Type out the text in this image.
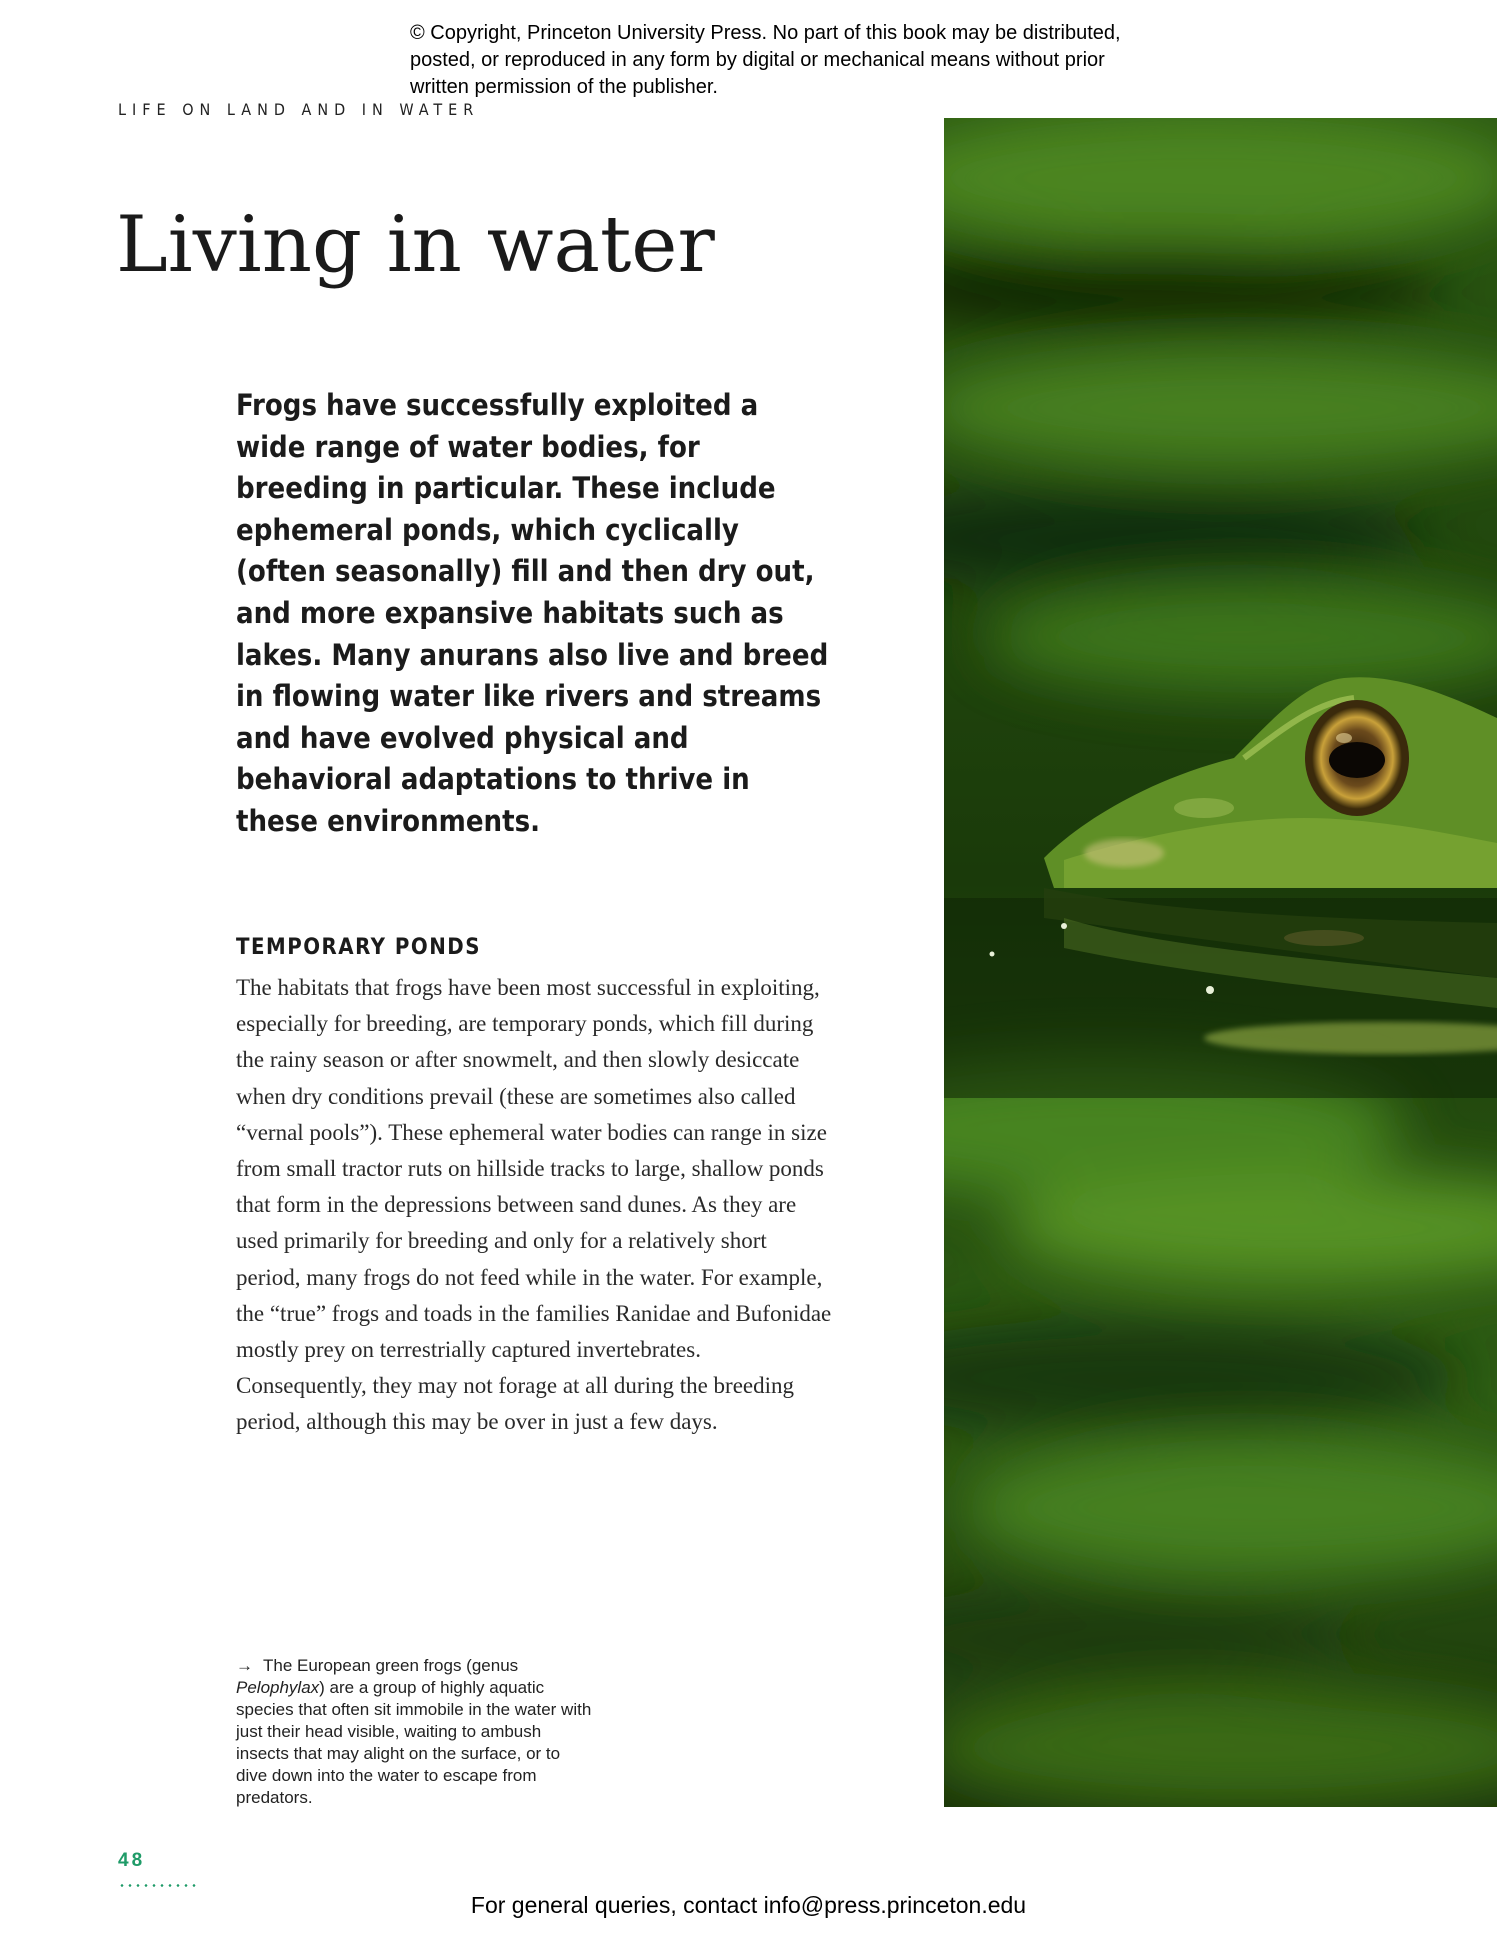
© Copyright, Princeton University Press. No part of this book may be distributed, posted, or reproduced in any form by digital or mechanical means without prior written permission of the publisher.
LIFE ON LAND AND IN WATER
Living in water

Frogs have successfully exploited a wide range of water bodies, for breeding in particular. These include ephemeral ponds, which cyclically (often seasonally) fill and then dry out, and more expansive habitats such as lakes. Many anurans also live and breed in flowing water like rivers and streams and have evolved physical and behavioral adaptations to thrive in these environments.

TEMPORARY PONDS

The habitats that frogs have been most successful in exploiting, especially for breeding, are temporary ponds, which fill during the rainy season or after snowmelt, and then slowly desiccate when dry conditions prevail (these are sometimes also called “vernal pools”). These ephemeral water bodies can range in size from small tractor ruts on hillside tracks to large, shallow ponds that form in the depressions between sand dunes. As they are used primarily for breeding and only for a relatively short period, many frogs do not feed while in the water. For example, the “true” frogs and toads in the families Ranidae and Bufonidae mostly prey on terrestrially captured invertebrates. Consequently, they may not forage at all during the breeding period, although this may be over in just a few days.

→ The European green frogs (genus Pelophylax) are a group of highly aquatic species that often sit immobile in the water with just their head visible, waiting to ambush insects that may alight on the surface, or to dive down into the water to escape from predators.

48
For general queries, contact info@press.princeton.edu
